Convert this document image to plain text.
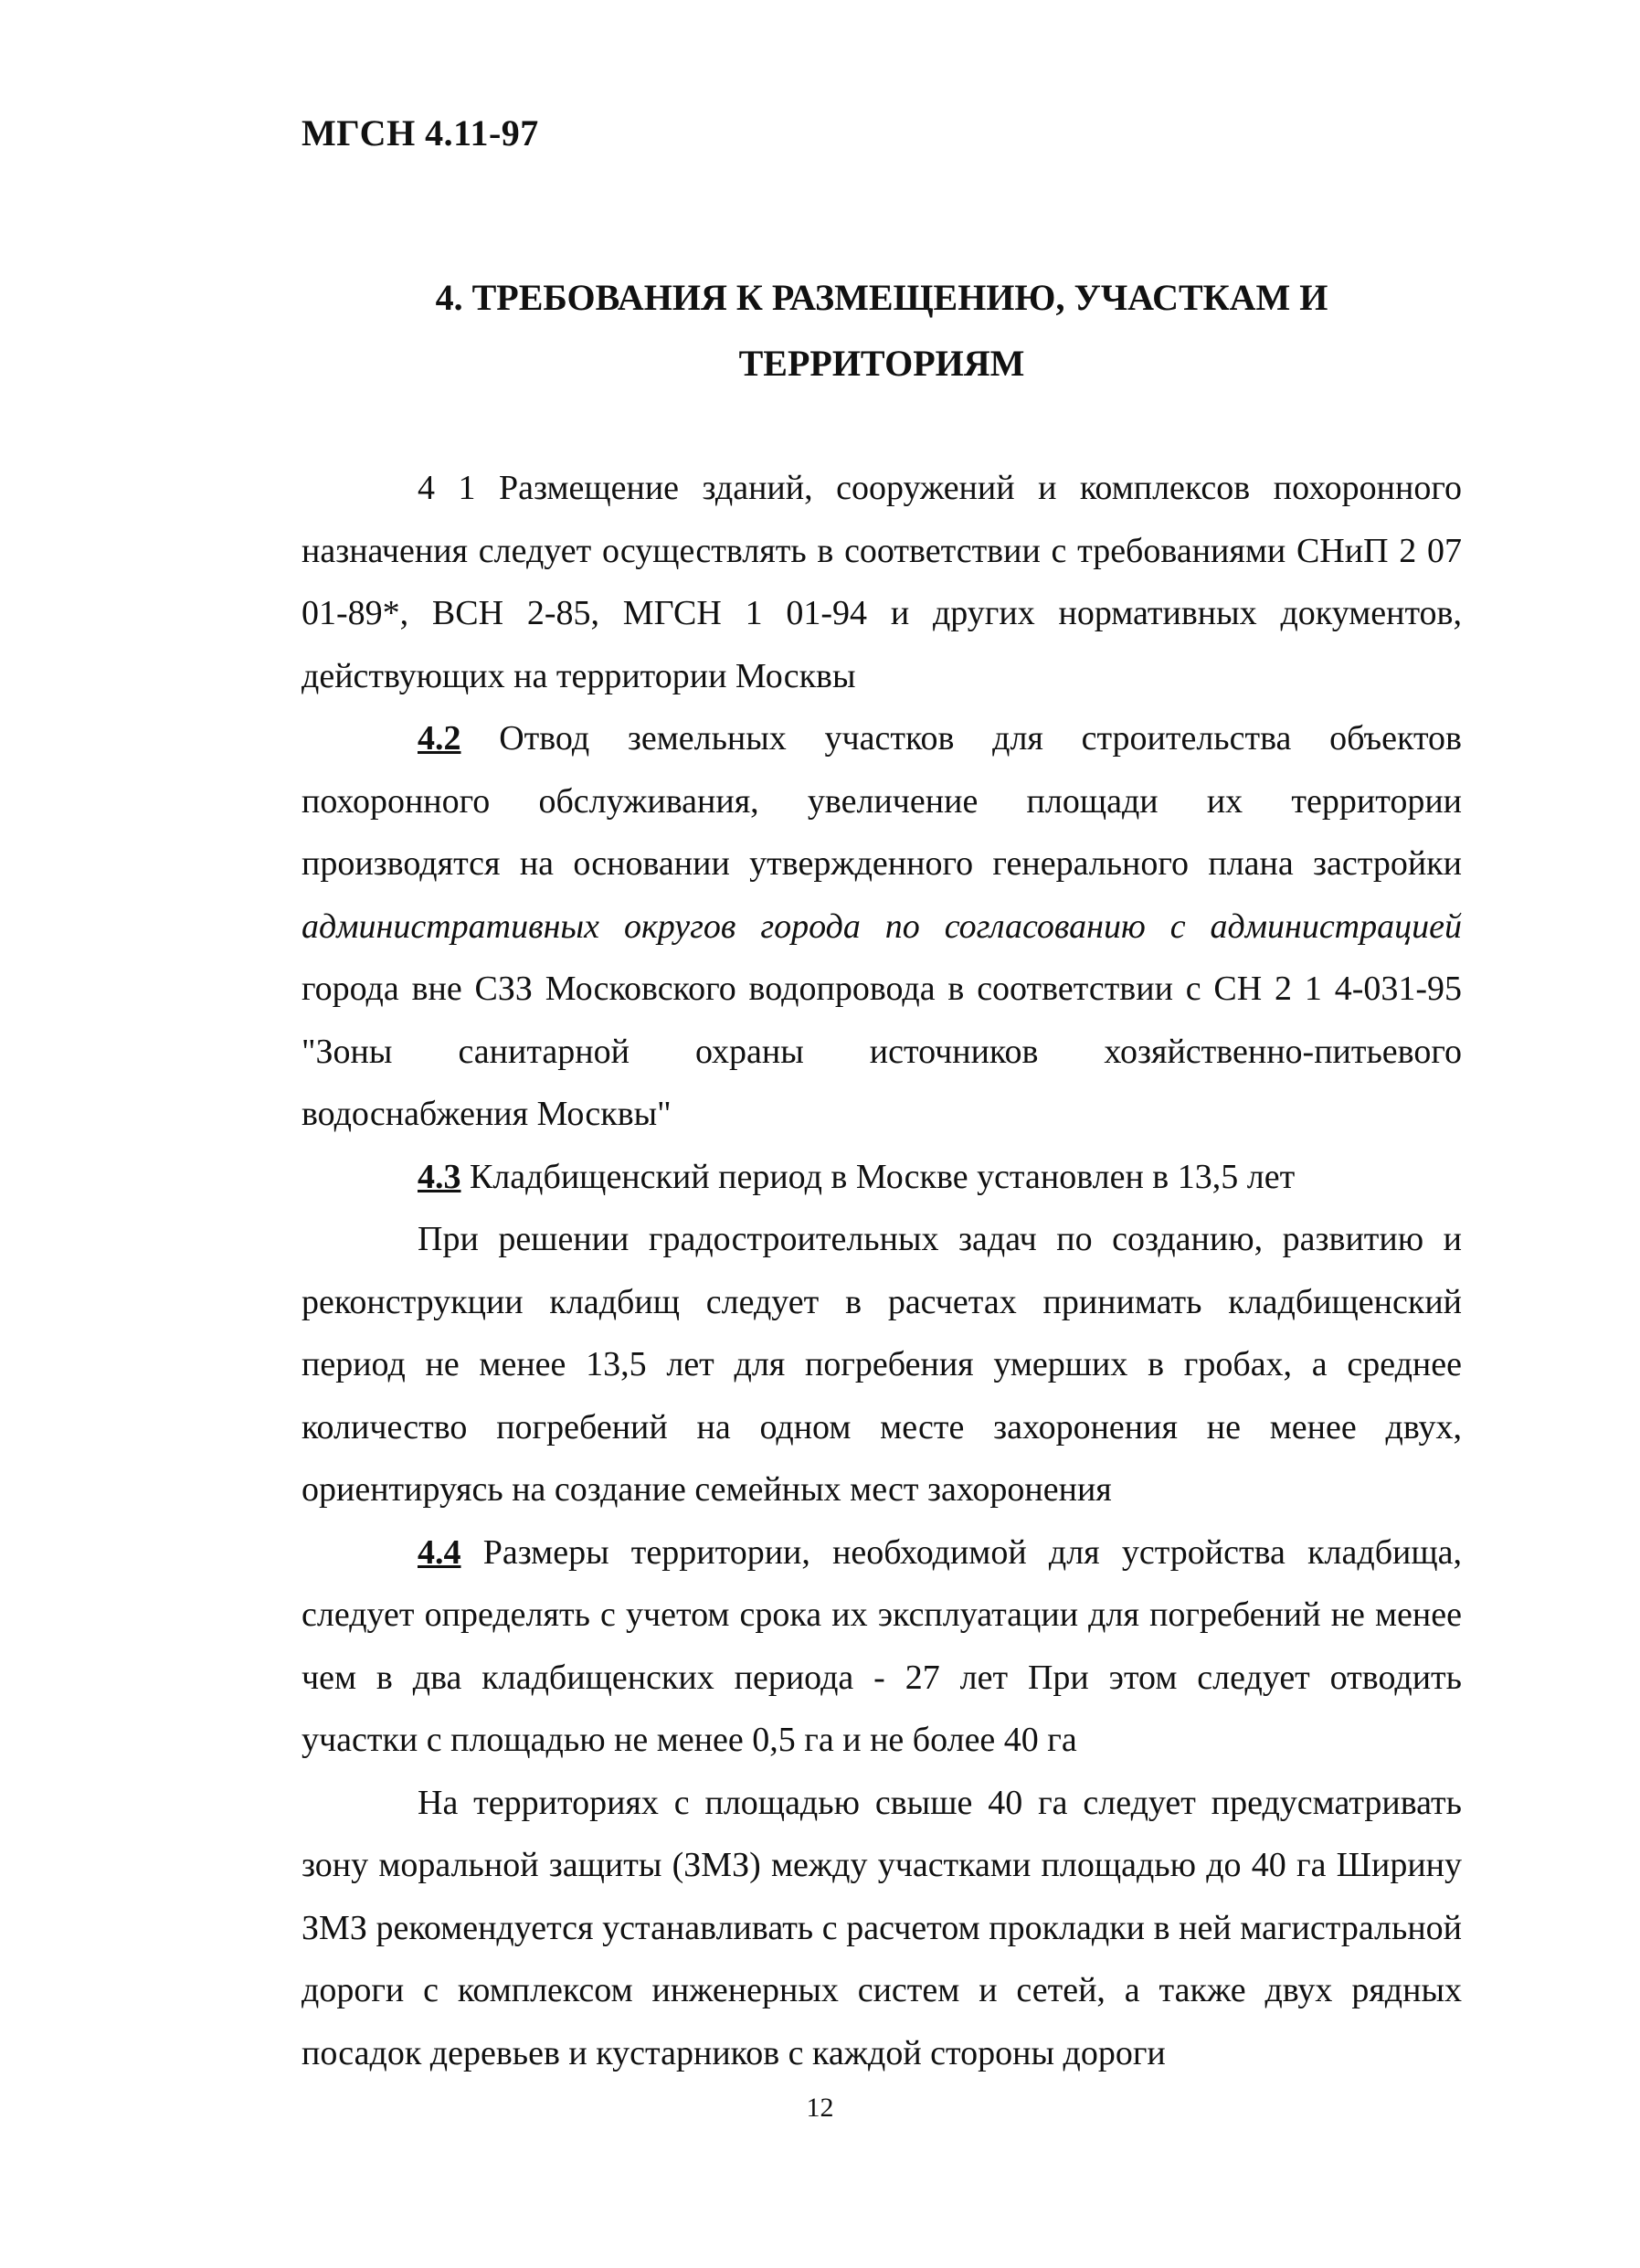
МГСН 4.11-97
4. ТРЕБОВАНИЯ К РАЗМЕЩЕНИЮ, УЧАСТКАМ И
ТЕРРИТОРИЯМ

4 1 Размещение зданий, сооружений и комплексов похоронного назначения следует осуществлять в соответствии с требованиями СНиП 2 07 01-89*, ВСН 2-85, МГСН 1 01-94 и других нормативных документов, действующих на территории Москвы

4.2 Отвод земельных участков для строительства объектов похоронного обслуживания, увеличение площади их территории производятся на основании утвержденного генерального плана застройки административных округов города по согласованию с администрацией города вне СЗЗ Московского водопровода в соответствии с СН 2 1 4-031-95 "Зоны санитарной охраны источников хозяйственно-питьевого водоснабжения Москвы"

4.3 Кладбищенский период в Москве установлен в 13,5 лет

При решении градостроительных задач по созданию, развитию и реконструкции кладбищ следует в расчетах принимать кладбищенский период не менее 13,5 лет для погребения умерших в гробах, а среднее количество погребений на одном месте захоронения не менее двух, ориентируясь на создание семейных мест захоронения

4.4 Размеры территории, необходимой для устройства кладбища, следует определять с учетом срока их эксплуатации для погребений не менее чем в два кладбищенских периода - 27 лет При этом следует отводить участки с площадью не менее 0,5 га и не более 40 га

На территориях с площадью свыше 40 га следует предусматривать зону моральной защиты (ЗМЗ) между участками площадью до 40 га Ширину ЗМЗ рекомендуется устанавливать с расчетом прокладки в ней магистральной дороги с комплексом инженерных систем и сетей, а также двух рядных посадок деревьев и кустарников с каждой стороны дороги

12
